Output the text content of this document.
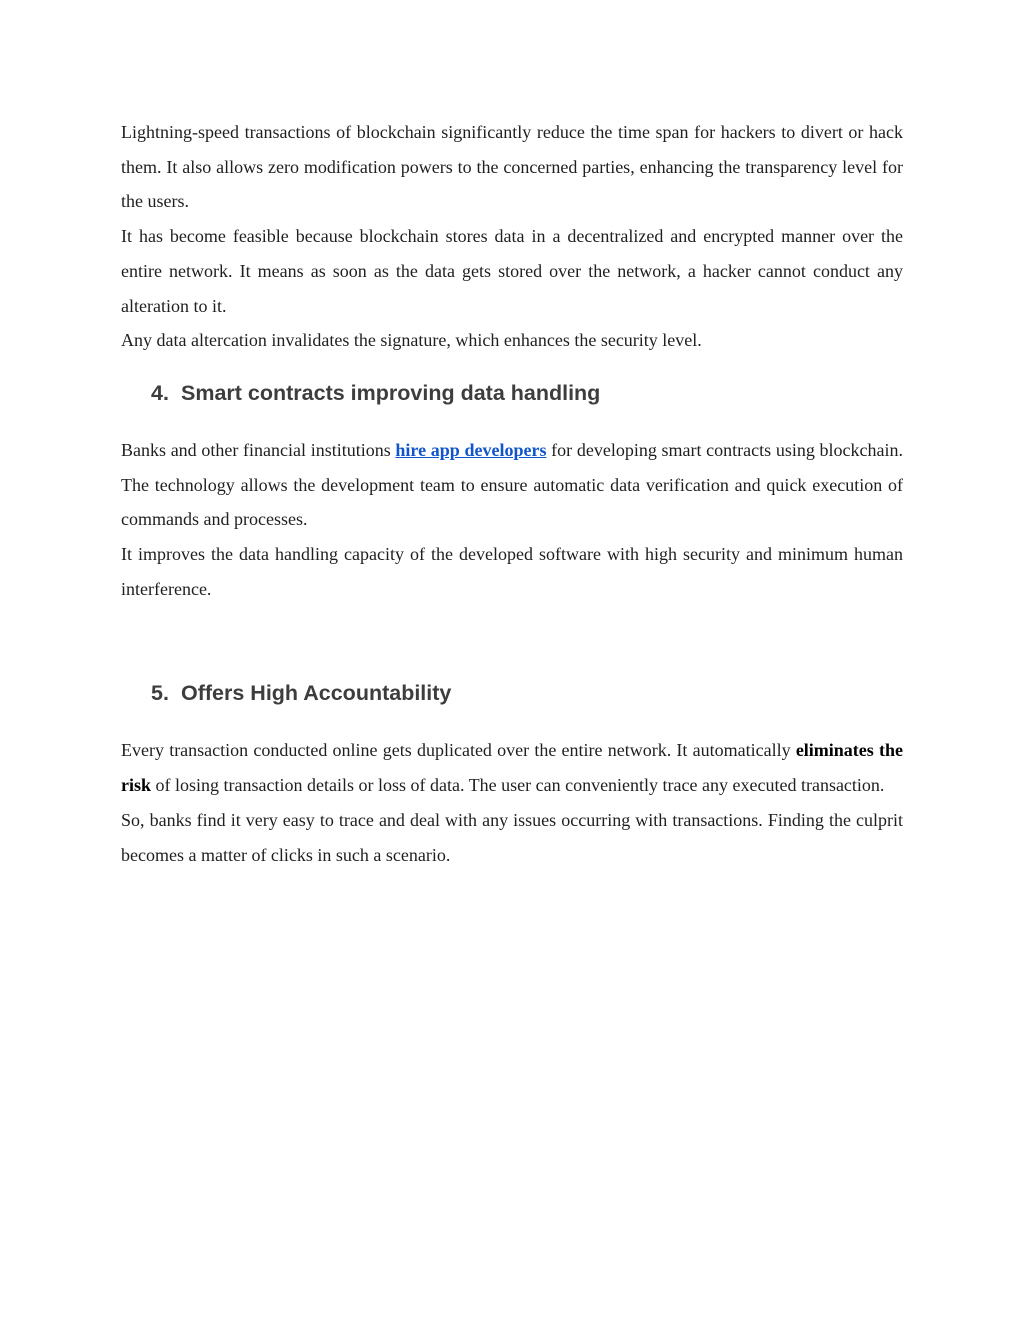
Lightning-speed transactions of blockchain significantly reduce the time span for hackers to divert or hack them. It also allows zero modification powers to the concerned parties, enhancing the transparency level for the users.

It has become feasible because blockchain stores data in a decentralized and encrypted manner over the entire network. It means as soon as the data gets stored over the network, a hacker cannot conduct any alteration to it.

Any data altercation invalidates the signature, which enhances the security level.

4. Smart contracts improving data handling

Banks and other financial institutions hire app developers for developing smart contracts using blockchain. The technology allows the development team to ensure automatic data verification and quick execution of commands and processes.

It improves the data handling capacity of the developed software with high security and minimum human interference.

5. Offers High Accountability

Every transaction conducted online gets duplicated over the entire network. It automatically eliminates the risk of losing transaction details or loss of data. The user can conveniently trace any executed transaction.

So, banks find it very easy to trace and deal with any issues occurring with transactions. Finding the culprit becomes a matter of clicks in such a scenario.
